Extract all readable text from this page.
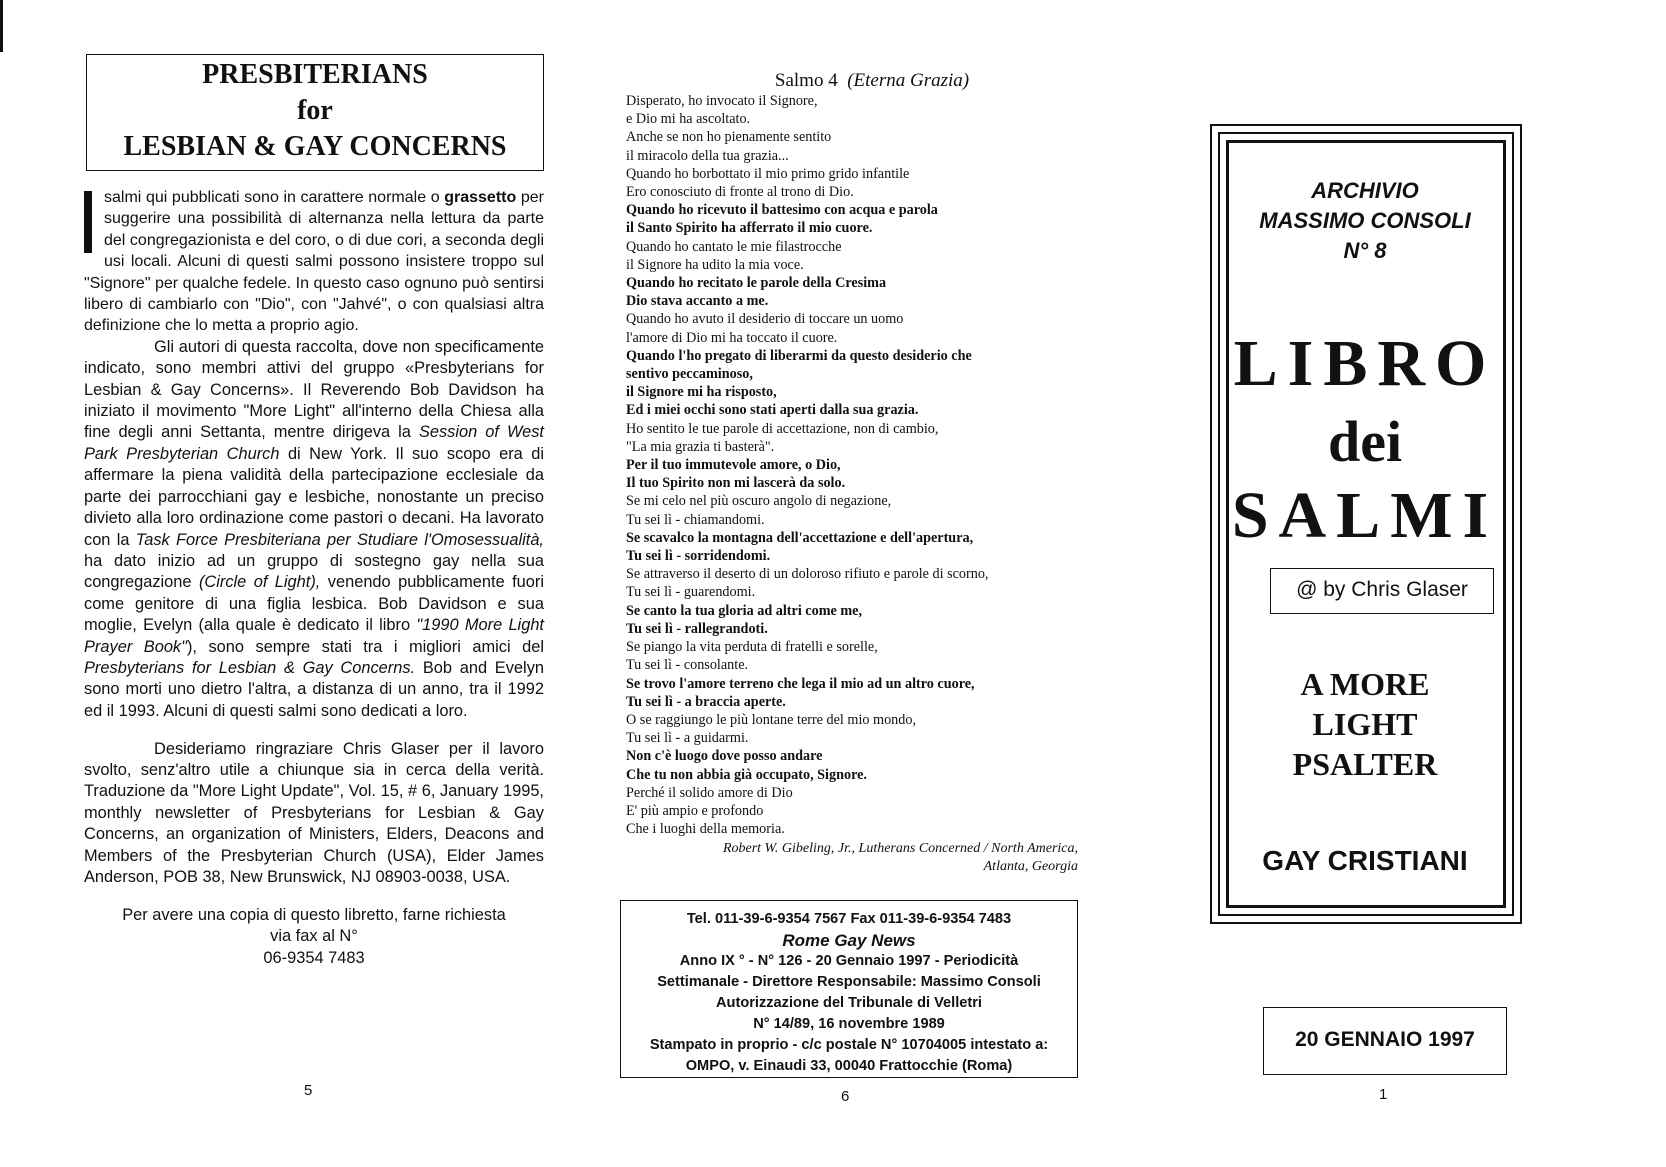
PRESBITERIANS
for
LESBIAN & GAY CONCERNS

salmi qui pubblicati sono in carattere normale o grassetto per suggerire una possibilità di alternanza nella lettura da parte del congregazionista e del coro, o di due cori, a seconda degli usi locali. Alcuni di questi salmi possono insistere troppo sul "Signore" per qualche fedele. In questo caso ognuno può sentirsi libero di cambiarlo con "Dio", con "Jahvé", o con qualsiasi altra definizione che lo metta a proprio agio.

Gli autori di questa raccolta, dove non specificamente indicato, sono membri attivi del gruppo «Presbyterians for Lesbian & Gay Concerns». Il Reverendo Bob Davidson ha iniziato il movimento "More Light" all'interno della Chiesa alla fine degli anni Settanta, mentre dirigeva la Session of West Park Presbyterian Church di New York. Il suo scopo era di affermare la piena validità della partecipazione ecclesiale da parte dei parrocchiani gay e lesbiche, nonostante un preciso divieto alla loro ordinazione come pastori o decani. Ha lavorato con la Task Force Presbiteriana per Studiare l'Omosessualità, ha dato inizio ad un gruppo di sostegno gay nella sua congregazione (Circle of Light), venendo pubblicamente fuori come genitore di una figlia lesbica. Bob Davidson e sua moglie, Evelyn (alla quale è dedicato il libro "1990 More Light Prayer Book"), sono sempre stati tra i migliori amici del Presbyterians for Lesbian & Gay Concerns. Bob and Evelyn sono morti uno dietro l'altra, a distanza di un anno, tra il 1992 ed il 1993. Alcuni di questi salmi sono dedicati a loro.

Desideriamo ringraziare Chris Glaser per il lavoro svolto, senz'altro utile a chiunque sia in cerca della verità. Traduzione da "More Light Update", Vol. 15, # 6, January 1995, monthly newsletter of Presbyterians for Lesbian & Gay Concerns, an organization of Ministers, Elders, Deacons and Members of the Presbyterian Church (USA), Elder James Anderson, POB 38, New Brunswick, NJ 08903-0038, USA.

Per avere una copia di questo libretto, farne richiesta
via fax al N°
06-9354 7483
5
Salmo 4 (Eterna Grazia)
Disperato, ho invocato il Signore,
e Dio mi ha ascoltato.
Anche se non ho pienamente sentito
il miracolo della tua grazia...
Quando ho borbottato il mio primo grido infantile
Ero conosciuto di fronte al trono di Dio.
Quando ho ricevuto il battesimo con acqua e parola
il Santo Spirito ha afferrato il mio cuore.
Quando ho cantato le mie filastrocche
il Signore ha udito la mia voce.
Quando ho recitato le parole della Cresima
Dio stava accanto a me.
Quando ho avuto il desiderio di toccare un uomo
l'amore di Dio mi ha toccato il cuore.
Quando l'ho pregato di liberarmi da questo desiderio che
sentivo peccaminoso,
il Signore mi ha risposto,
Ed i miei occhi sono stati aperti dalla sua grazia.
Ho sentito le tue parole di accettazione, non di cambio,
"La mia grazia ti basterà".
Per il tuo immutevole amore, o Dio,
Il tuo Spirito non mi lascerà da solo.
Se mi celo nel più oscuro angolo di negazione,
Tu sei lì - chiamandomi.
Se scavalco la montagna dell'accettazione e dell'apertura,
Tu sei lì - sorridendomi.
Se attraverso il deserto di un doloroso rifiuto e parole di scorno,
Tu sei lì - guarendomi.
Se canto la tua gloria ad altri come me,
Tu sei lì - rallegrandoti.
Se piango la vita perduta di fratelli e sorelle,
Tu sei lì - consolante.
Se trovo l'amore terreno che lega il mio ad un altro cuore,
Tu sei lì - a braccia aperte.
O se raggiungo le più lontane terre del mio mondo,
Tu sei lì - a guidarmi.
Non c'è luogo dove posso andare
Che tu non abbia già occupato, Signore.
Perché il solido amore di Dio
E' più ampio e profondo
Che i luoghi della memoria.
Robert W. Gibeling, Jr., Lutherans Concerned / North America,
Atlanta, Georgia
Tel. 011-39-6-9354 7567 Fax 011-39-6-9354 7483
Rome Gay News
Anno IX ° - N° 126 - 20 Gennaio 1997 - Periodicità
Settimanale - Direttore Responsabile: Massimo Consoli
Autorizzazione del Tribunale di Velletri
N° 14/89, 16 novembre 1989
Stampato in proprio - c/c postale N° 10704005 intestato a:
OMPO, v. Einaudi 33, 00040 Frattocchie (Roma)
6
ARCHIVIO
MASSIMO CONSOLI
N° 8
LIBRO
dei
SALMI
@ by Chris Glaser
A MORE
LIGHT
PSALTER
GAY CRISTIANI
20 GENNAIO 1997
1
